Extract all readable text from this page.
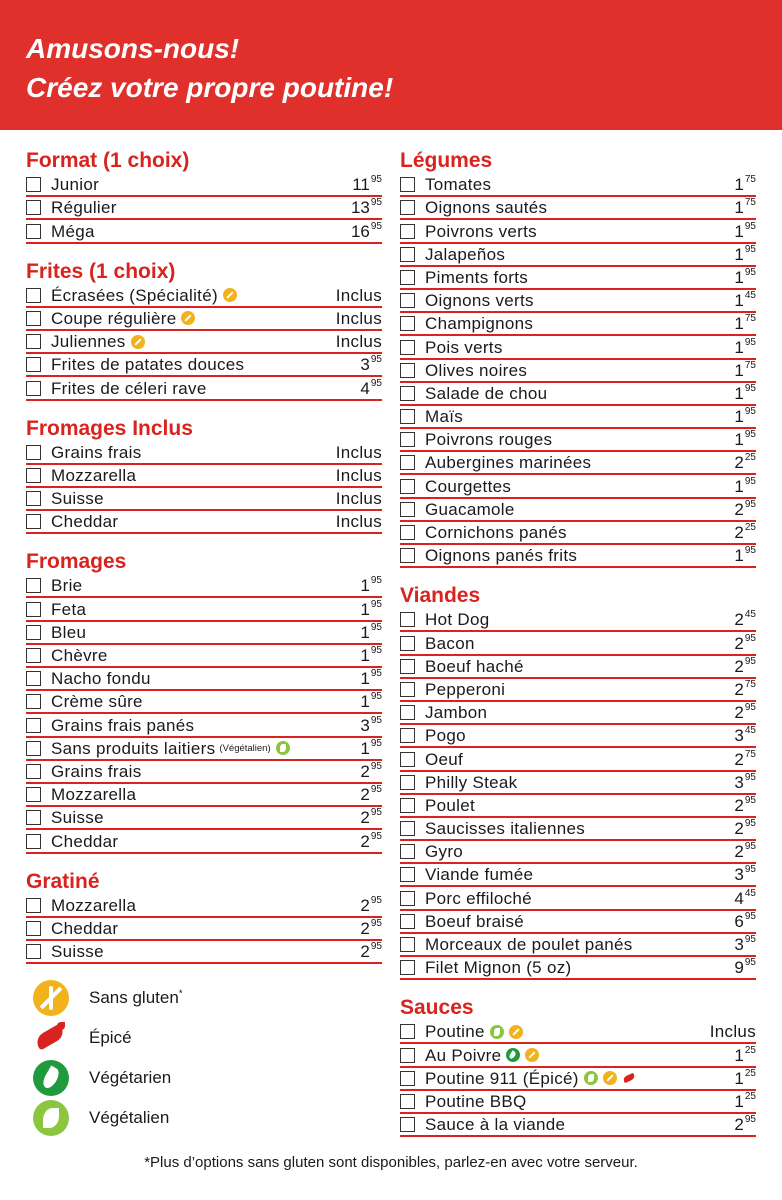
Amusons-nous!
Créez votre propre poutine!
Format (1 choix)
Junior	11 95
Régulier	13 95
Méga	16 95
Frites (1 choix)
Écrasées (Spécialité)	Inclus
Coupe régulière	Inclus
Juliennes	Inclus
Frites de patates douces	3 95
Frites de céleri rave	4 95
Fromages Inclus
Grains frais	Inclus
Mozzarella	Inclus
Suisse	Inclus
Cheddar	Inclus
Fromages
Brie	1 95
Feta	1 95
Bleu	1 95
Chèvre	1 95
Nacho fondu	1 95
Crème sûre	1 95
Grains frais panés	3 95
Sans produits laitiers (Végétalien)	1 95
Grains frais	2 95
Mozzarella	2 95
Suisse	2 95
Cheddar	2 95
Gratiné
Mozzarella	2 95
Cheddar	2 95
Suisse	2 95
Légumes
Tomates	1 75
Oignons sautés	1 75
Poivrons verts	1 95
Jalapeños	1 95
Piments forts	1 95
Oignons verts	1 45
Champignons	1 75
Pois verts	1 95
Olives noires	1 75
Salade de chou	1 95
Maïs	1 95
Poivrons rouges	1 95
Aubergines marinées	2 25
Courgettes	1 95
Guacamole	2 95
Cornichons panés	2 25
Oignons panés frits	1 95
Viandes
Hot Dog	2 45
Bacon	2 95
Boeuf haché	2 95
Pepperoni	2 75
Jambon	2 95
Pogo	3 45
Oeuf	2 75
Philly Steak	3 95
Poulet	2 95
Saucisses italiennes	2 95
Gyro	2 95
Viande fumée	3 95
Porc effiloché	4 45
Boeuf braisé	6 95
Morceaux de poulet panés	3 95
Filet Mignon (5 oz)	9 95
Sauces
Poutine	Inclus
Au Poivre	1 25
Poutine 911 (Épicé)	1 25
Poutine BBQ	1 25
Sauce à la viande	2 95
Sans gluten*
Épicé
Végétarien
Végétalien
*Plus d’options sans gluten sont disponibles, parlez-en avec votre serveur.
